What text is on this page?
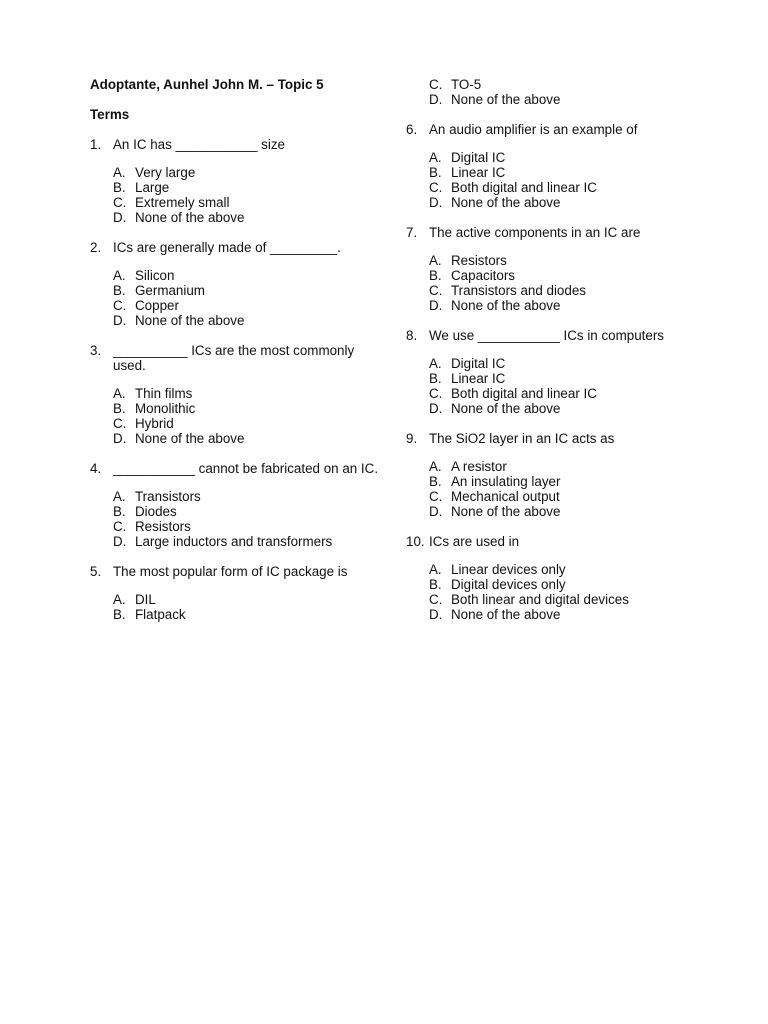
Adoptante, Aunhel John M. – Topic 5
Terms
1. An IC has ___________ size
A. Very large
B. Large
C. Extremely small
D. None of the above
2. ICs are generally made of _________.
A. Silicon
B. Germanium
C. Copper
D. None of the above
3. __________ ICs are the most commonly used.
A. Thin films
B. Monolithic
C. Hybrid
D. None of the above
4. ___________ cannot be fabricated on an IC.
A. Transistors
B. Diodes
C. Resistors
D. Large inductors and transformers
5. The most popular form of IC package is
A. DIL
B. Flatpack
C. TO-5
D. None of the above
6. An audio amplifier is an example of
A. Digital IC
B. Linear IC
C. Both digital and linear IC
D. None of the above
7. The active components in an IC are
A. Resistors
B. Capacitors
C. Transistors and diodes
D. None of the above
8. We use ___________ ICs in computers
A. Digital IC
B. Linear IC
C. Both digital and linear IC
D. None of the above
9. The SiO2 layer in an IC acts as
A. A resistor
B. An insulating layer
C. Mechanical output
D. None of the above
10. ICs are used in
A. Linear devices only
B. Digital devices only
C. Both linear and digital devices
D. None of the above
